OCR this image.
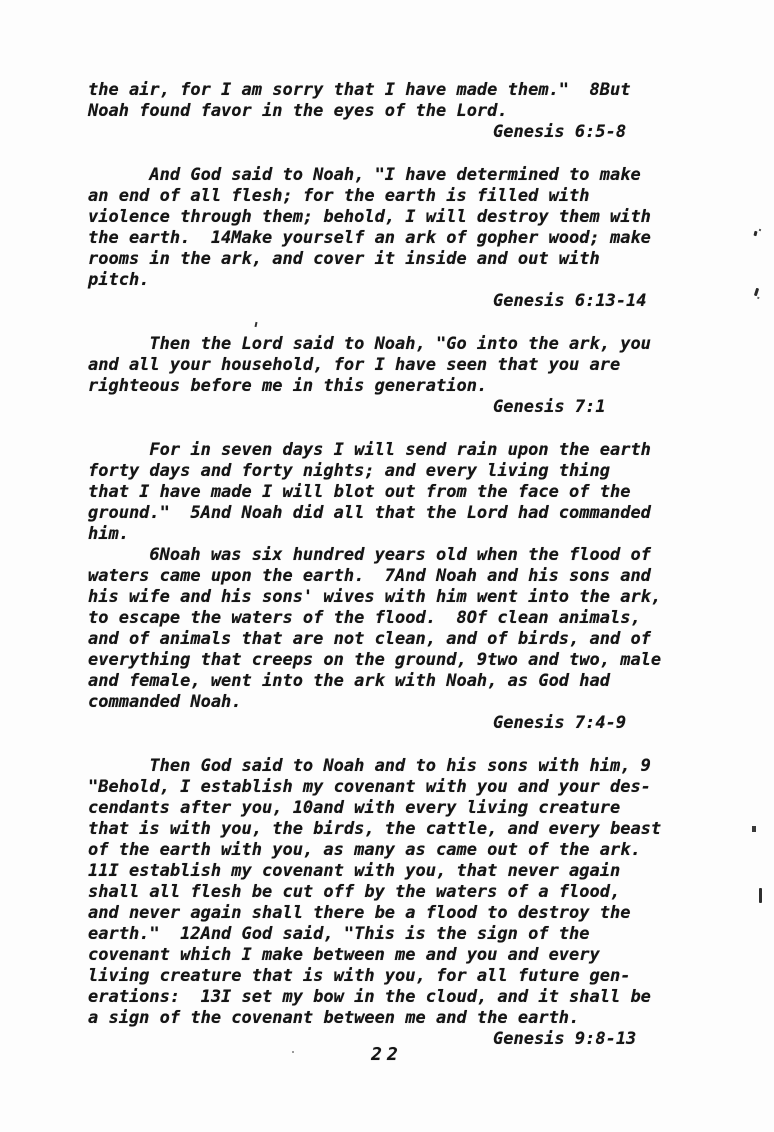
the air, for I am sorry that I have made them."  8But
Noah found favor in the eyes of the Lord.
Genesis 6:5-8
And God said to Noah, "I have determined to make
an end of all flesh; for the earth is filled with
violence through them; behold, I will destroy them with
the earth.  14Make yourself an ark of gopher wood; make
rooms in the ark, and cover it inside and out with
pitch.
Genesis 6:13-14
Then the Lord said to Noah, "Go into the ark, you
and all your household, for I have seen that you are
righteous before me in this generation.
Genesis 7:1
For in seven days I will send rain upon the earth
forty days and forty nights; and every living thing
that I have made I will blot out from the face of the
ground."  5And Noah did all that the Lord had commanded
him.
6Noah was six hundred years old when the flood of
waters came upon the earth.  7And Noah and his sons and
his wife and his sons' wives with him went into the ark,
to escape the waters of the flood.  8Of clean animals,
and of animals that are not clean, and of birds, and of
everything that creeps on the ground, 9two and two, male
and female, went into the ark with Noah, as God had
commanded Noah.
Genesis 7:4-9
Then God said to Noah and to his sons with him, 9
"Behold, I establish my covenant with you and your des-
cendants after you, 10and with every living creature
that is with you, the birds, the cattle, and every beast
of the earth with you, as many as came out of the ark.
11I establish my covenant with you, that never again
shall all flesh be cut off by the waters of a flood,
and never again shall there be a flood to destroy the
earth."  12And God said, "This is the sign of the
covenant which I make between me and you and every
living creature that is with you, for all future gen-
erations:  13I set my bow in the cloud, and it shall be
a sign of the covenant between me and the earth.
Genesis 9:8-13
22
